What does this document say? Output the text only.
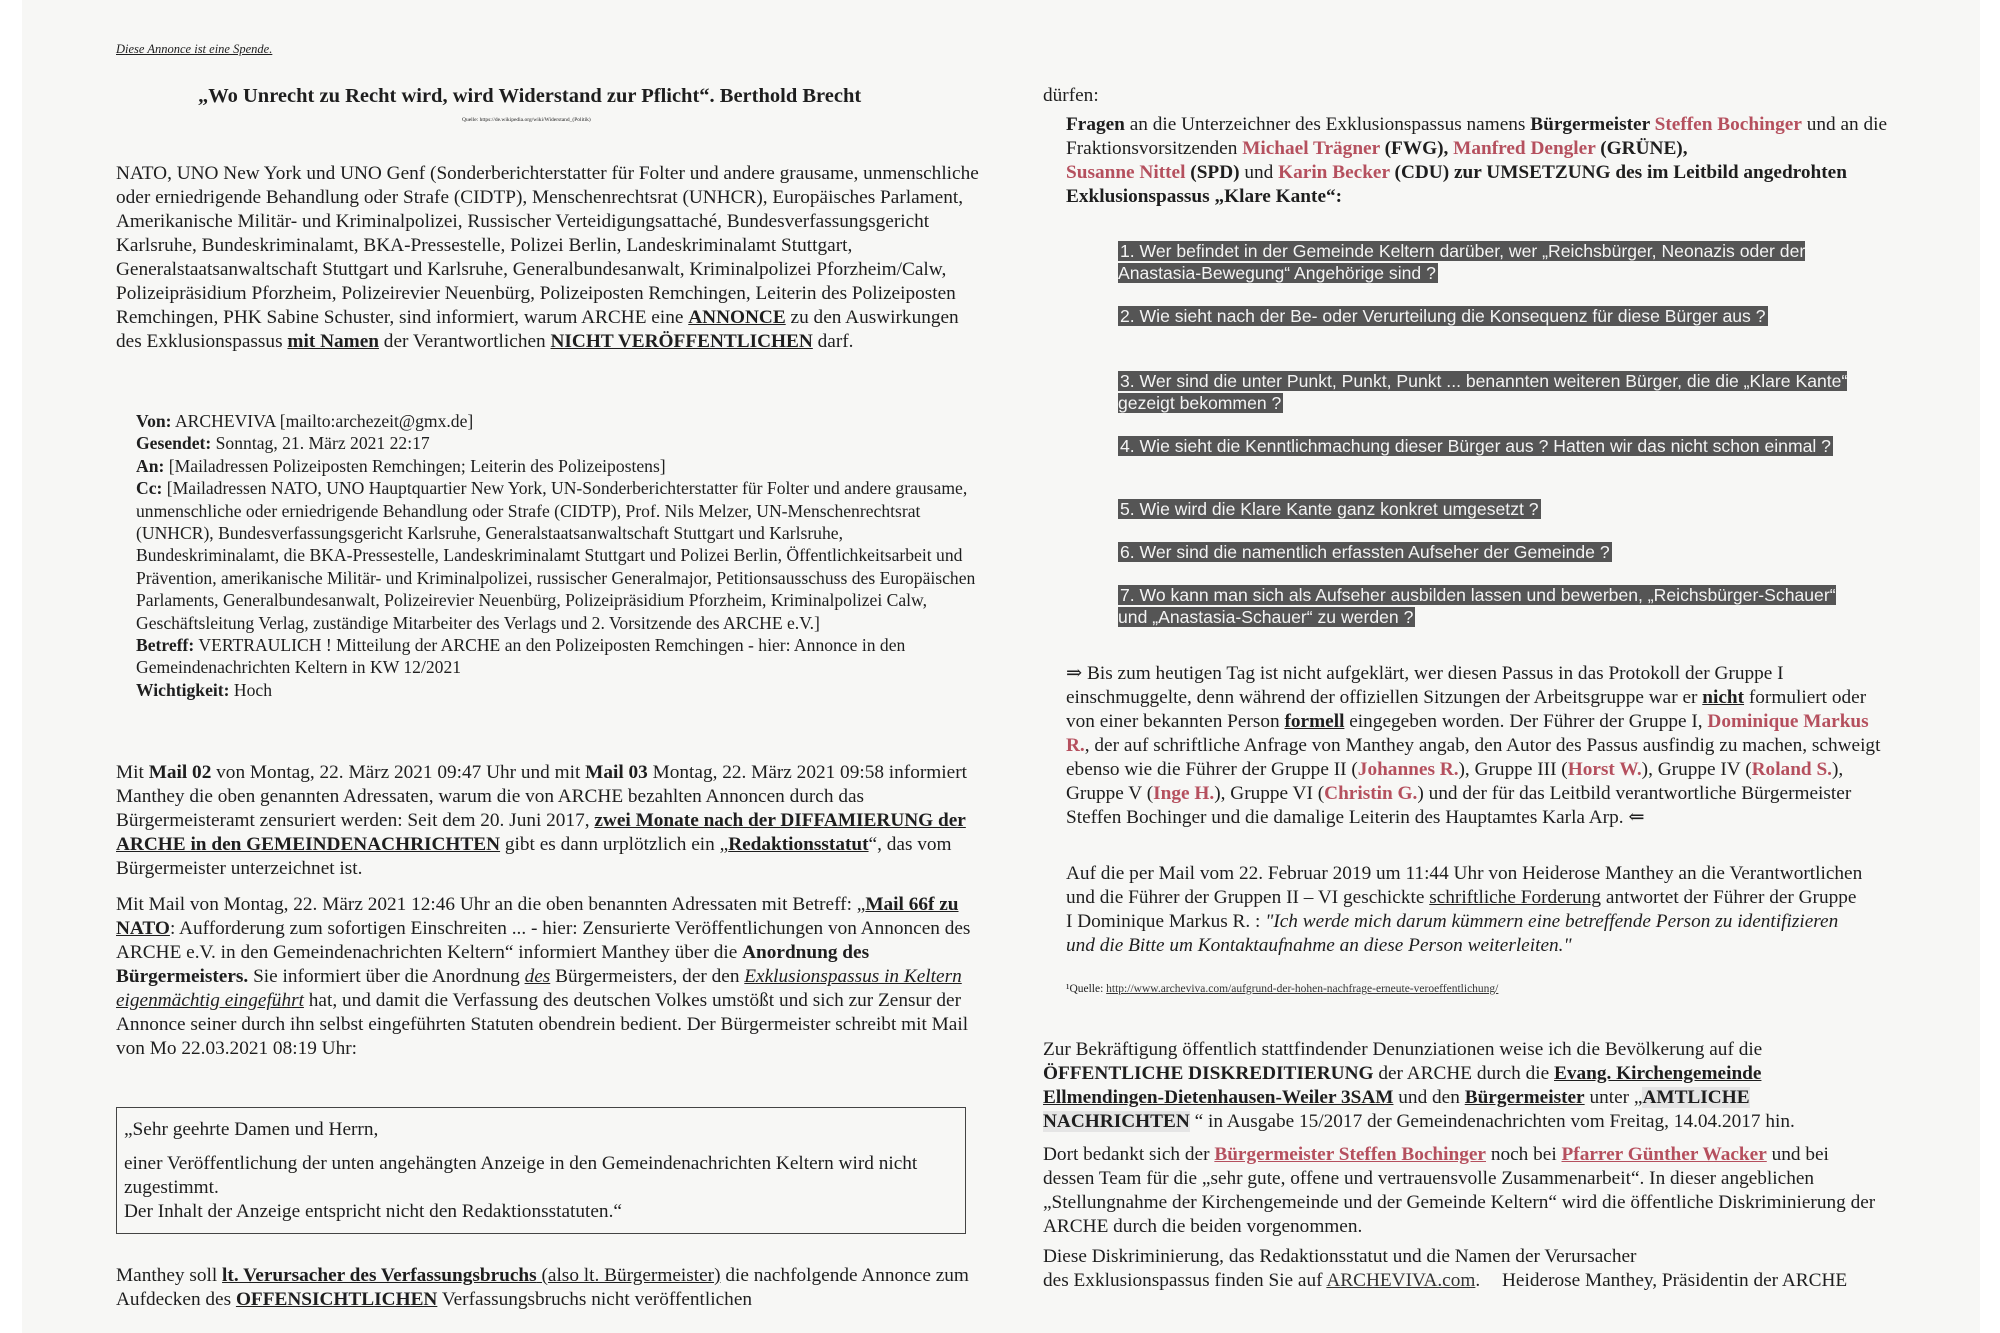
Diese Annonce ist eine Spende.

„Wo Unrecht zu Recht wird, wird Widerstand zur Pflicht“. Berthold Brecht

Quelle: https://de.wikipedia.org/wiki/Widerstand_(Politik)

NATO, UNO New York und UNO Genf (Sonderberichterstatter für Folter und andere grausame, unmenschliche oder erniedrigende Behandlung oder Strafe (CIDTP), Menschenrechtsrat (UNHCR), Europäisches Parlament, Amerikanische Militär- und Kriminalpolizei, Russischer Verteidigungsattaché, Bundesverfassungsgericht Karlsruhe, Bundeskriminalamt, BKA-Pressestelle, Polizei Berlin, Landeskriminalamt Stuttgart, Generalstaatsanwaltschaft Stuttgart und Karlsruhe, Generalbundesanwalt, Kriminalpolizei Pforzheim/Calw, Polizeipräsidium Pforzheim, Polizeirevier Neuenbürg, Polizeiposten Remchingen, Leiterin des Polizeiposten Remchingen, PHK Sabine Schuster, sind informiert, warum ARCHE eine ANNONCE zu den Auswirkungen des Exklusionspassus mit Namen der Verantwortlichen NICHT VERÖFFENTLICHEN darf.

Von: ARCHEVIVA [mailto:archezeit@gmx.de]
Gesendet: Sonntag, 21. März 2021 22:17
An: [Mailadressen Polizeiposten Remchingen; Leiterin des Polizeipostens]
Cc: [Mailadressen NATO, UNO Hauptquartier New York, UN-Sonderberichterstatter für Folter und andere grausame, unmenschliche oder erniedrigende Behandlung oder Strafe (CIDTP), Prof. Nils Melzer, UN-Menschenrechtsrat (UNHCR), Bundesverfassungsgericht Karlsruhe, Generalstaatsanwaltschaft Stuttgart und Karlsruhe, Bundeskriminalamt, die BKA-Pressestelle, Landeskriminalamt Stuttgart und Polizei Berlin, Öffentlichkeitsarbeit und Prävention, amerikanische Militär- und Kriminalpolizei, russischer Generalmajor, Petitionsausschuss des Europäischen Parlaments, Generalbundesanwalt, Polizeirevier Neuenbürg, Polizeipräsidium Pforzheim, Kriminalpolizei Calw, Geschäftsleitung Verlag, zuständige Mitarbeiter des Verlags und 2. Vorsitzende des ARCHE e.V.]
Betreff: VERTRAULICH ! Mitteilung der ARCHE an den Polizeiposten Remchingen - hier: Annonce in den Gemeindenachrichten Keltern in KW 12/2021
Wichtigkeit: Hoch

Mit Mail 02 von Montag, 22. März 2021 09:47 Uhr und mit Mail 03 Montag, 22. März 2021 09:58 informiert Manthey die oben genannten Adressaten, warum die von ARCHE bezahlten Annoncen durch das Bürgermeisteramt zensuriert werden: Seit dem 20. Juni 2017, zwei Monate nach der DIFFAMIERUNG der ARCHE in den GEMEINDENACHRICHTEN gibt es dann urplötzlich ein „Redaktionsstatut“, das vom Bürgermeister unterzeichnet ist.

Mit Mail von Montag, 22. März 2021 12:46 Uhr an die oben benannten Adressaten mit Betreff: „Mail 66f zu NATO: Aufforderung zum sofortigen Einschreiten ... - hier: Zensurierte Veröffentlichungen von Annoncen des ARCHE e.V. in den Gemeindenachrichten Keltern“ informiert Manthey über die Anordnung des Bürgermeisters. Sie informiert über die Anordnung des Bürgermeisters, der den Exklusionspassus in Keltern eigenmächtig eingeführt hat, und damit die Verfassung des deutschen Volkes umstößt und sich zur Zensur der Annonce seiner durch ihn selbst eingeführten Statuten obendrein bedient. Der Bürgermeister schreibt mit Mail von Mo 22.03.2021 08:19 Uhr:

„Sehr geehrte Damen und Herrn,

einer Veröffentlichung der unten angehängten Anzeige in den Gemeindenachrichten Keltern wird nicht zugestimmt.

Der Inhalt der Anzeige entspricht nicht den Redaktionsstatuten.“

Manthey soll lt. Verursacher des Verfassungsbruchs (also lt. Bürgermeister) die nachfolgende Annonce zum Aufdecken des OFFENSICHTLICHEN Verfassungsbruchs nicht veröffentlichen

dürfen:

Fragen an die Unterzeichner des Exklusionspassus namens Bürgermeister Steffen Bochinger und an die Fraktionsvorsitzenden Michael Trägner (FWG), Manfred Dengler (GRÜNE),
Susanne Nittel (SPD) und Karin Becker (CDU) zur UMSETZUNG des im Leitbild angedrohten Exklusionspassus „Klare Kante“:

1. Wer befindet in der Gemeinde Keltern darüber, wer „Reichsbürger, Neonazis oder der Anastasia-Bewegung“ Angehörige sind ?

2. Wie sieht nach der Be- oder Verurteilung die Konsequenz für diese Bürger aus ?

3. Wer sind die unter Punkt, Punkt, Punkt ... benannten weiteren Bürger, die die „Klare Kante“ gezeigt bekommen ?

4. Wie sieht die Kenntlichmachung dieser Bürger aus ? Hatten wir das nicht schon einmal ?

5. Wie wird die Klare Kante ganz konkret umgesetzt ?

6. Wer sind die namentlich erfassten Aufseher der Gemeinde ?

7. Wo kann man sich als Aufseher ausbilden lassen und bewerben, „Reichsbürger-Schauer“ und „Anastasia-Schauer“ zu werden ?

⇒ Bis zum heutigen Tag ist nicht aufgeklärt, wer diesen Passus in das Protokoll der Gruppe I einschmuggelte, denn während der offiziellen Sitzungen der Arbeitsgruppe war er nicht formuliert oder von einer bekannten Person formell eingegeben worden. Der Führer der Gruppe I, Dominique Markus R., der auf schriftliche Anfrage von Manthey angab, den Autor des Passus ausfindig zu machen, schweigt ebenso wie die Führer der Gruppe II (Johannes R.), Gruppe III (Horst W.), Gruppe IV (Roland S.), Gruppe V (Inge H.), Gruppe VI (Christin G.) und der für das Leitbild verantwortliche Bürgermeister Steffen Bochinger und die damalige Leiterin des Hauptamtes Karla Arp. ⇐

Auf die per Mail vom 22. Februar 2019 um 11:44 Uhr von Heiderose Manthey an die Verantwortlichen und die Führer der Gruppen II – VI geschickte schriftliche Forderung antwortet der Führer der Gruppe I Dominique Markus R. : "Ich werde mich darum kümmern eine betreffende Person zu identifizieren und die Bitte um Kontaktaufnahme an diese Person weiterleiten."

¹Quelle: http://www.archeviva.com/aufgrund-der-hohen-nachfrage-erneute-veroeffentlichung/

Zur Bekräftigung öffentlich stattfindender Denunziationen weise ich die Bevölkerung auf die ÖFFENTLICHE DISKREDITIERUNG der ARCHE durch die Evang. Kirchengemeinde Ellmendingen-Dietenhausen-Weiler 3SAM und den Bürgermeister unter „AMTLICHE NACHRICHTEN “ in Ausgabe 15/2017 der Gemeindenachrichten vom Freitag, 14.04.2017 hin.

Dort bedankt sich der Bürgermeister Steffen Bochinger noch bei Pfarrer Günther Wacker und bei dessen Team für die „sehr gute, offene und vertrauensvolle Zusammenarbeit“. In dieser angeblichen „Stellungnahme der Kirchengemeinde und der Gemeinde Keltern“ wird die öffentliche Diskriminierung der ARCHE durch die beiden vorgenommen.

Diese Diskriminierung, das Redaktionsstatut und die Namen der Verursacher des Exklusionspassus finden Sie auf ARCHEVIVA.com.	Heiderose Manthey, Präsidentin der ARCHE
